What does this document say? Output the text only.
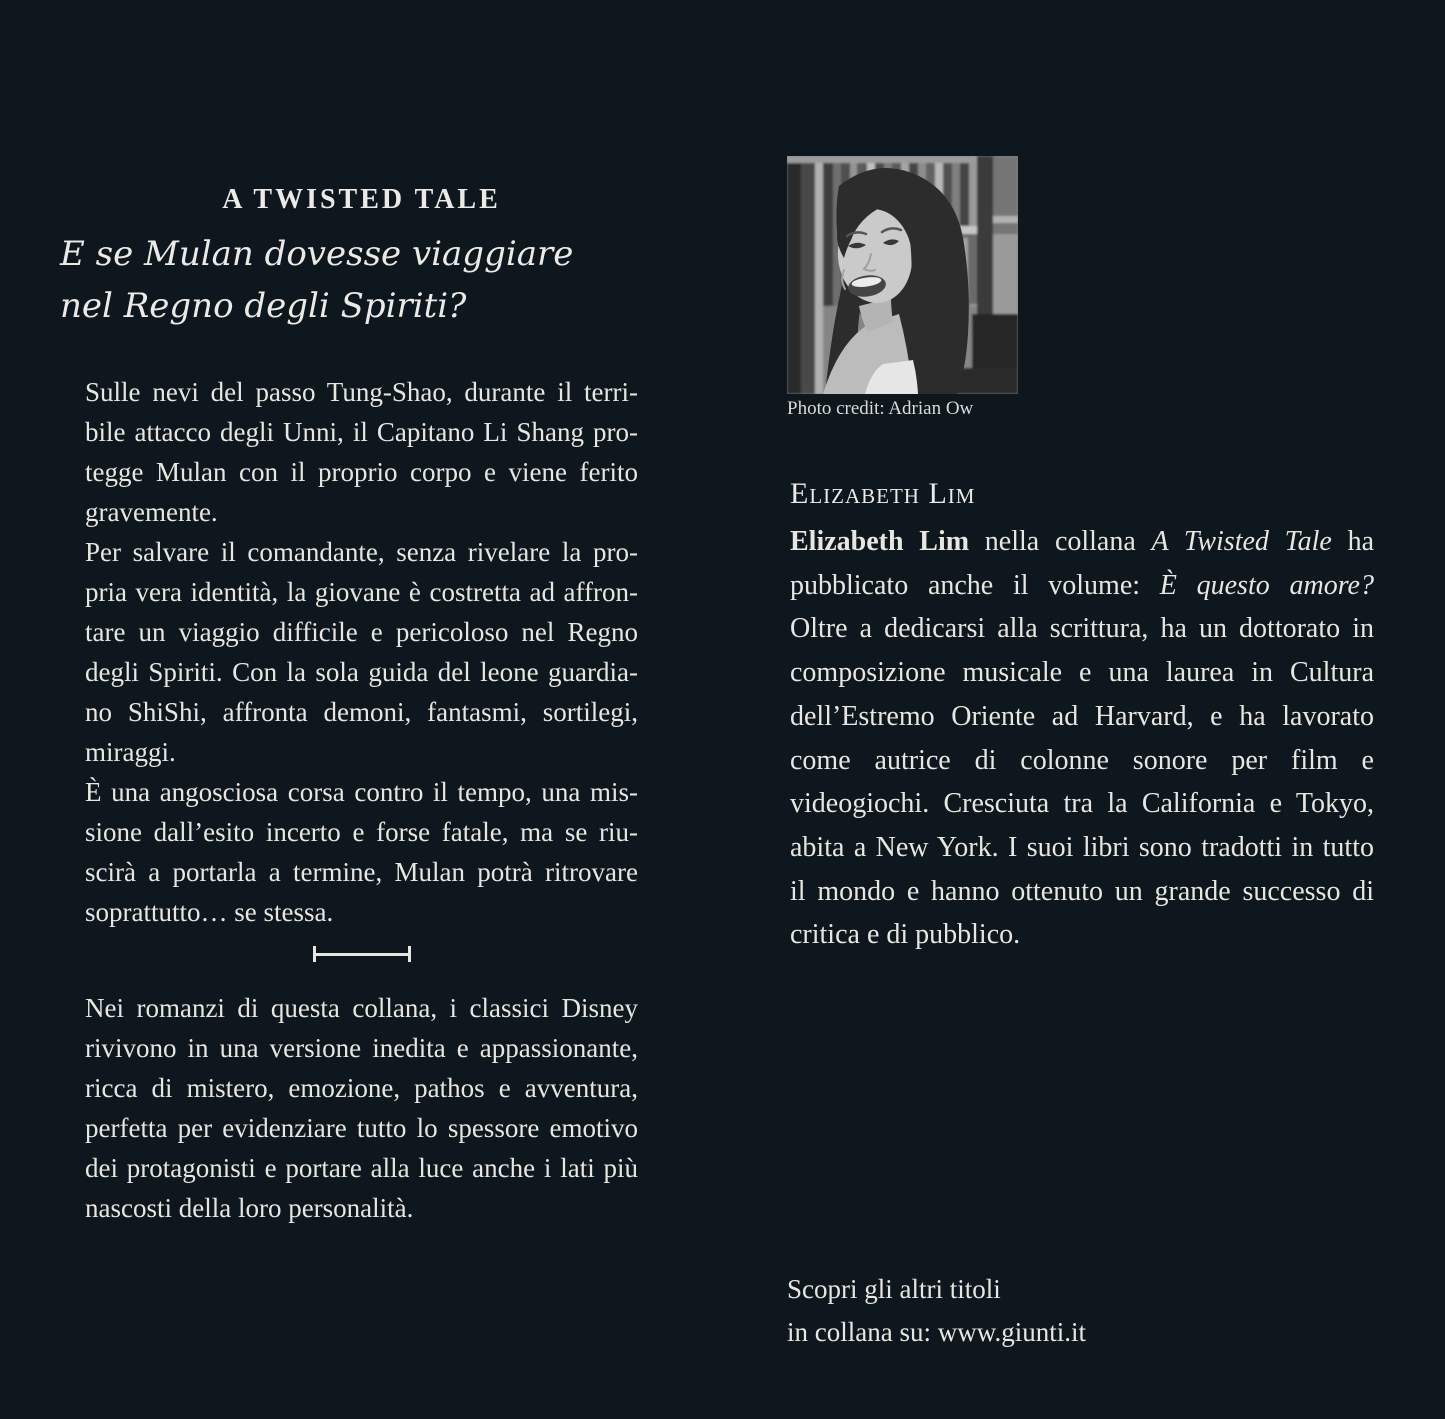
A TWISTED TALE
E se Mulan dovesse viaggiare
nel Regno degli Spiriti?
Sulle nevi del passo Tung-Shao, durante il terri-
bile attacco degli Unni, il Capitano Li Shang pro-
tegge Mulan con il proprio corpo e viene ferito
gravemente.
Per salvare il comandante, senza rivelare la pro-
pria vera identità, la giovane è costretta ad affron-
tare un viaggio difficile e pericoloso nel Regno
degli Spiriti. Con la sola guida del leone guardia-
no ShiShi, affronta demoni, fantasmi, sortilegi,
miraggi.
È una angosciosa corsa contro il tempo, una mis-
sione dall’esito incerto e forse fatale, ma se riu-
scirà a portarla a termine, Mulan potrà ritrovare
soprattutto… se stessa.
Nei romanzi di questa collana, i classici Disney
rivivono in una versione inedita e appassionante,
ricca di mistero, emozione, pathos e avventura,
perfetta per evidenziare tutto lo spessore emotivo
dei protagonisti e portare alla luce anche i lati più
nascosti della loro personalità.
Photo credit: Adrian Ow
Elizabeth Lim
Elizabeth Lim nella collana A Twisted Tale ha
pubblicato anche il volume: È questo amore?
Oltre a dedicarsi alla scrittura, ha un dottorato in
composizione musicale e una laurea in Cultura
dell’Estremo Oriente ad Harvard, e ha lavorato
come autrice di colonne sonore per film e
videogiochi. Cresciuta tra la California e Tokyo,
abita a New York. I suoi libri sono tradotti in tutto
il mondo e hanno ottenuto un grande successo di
critica e di pubblico.
Scopri gli altri titoli
in collana su: www.giunti.it
